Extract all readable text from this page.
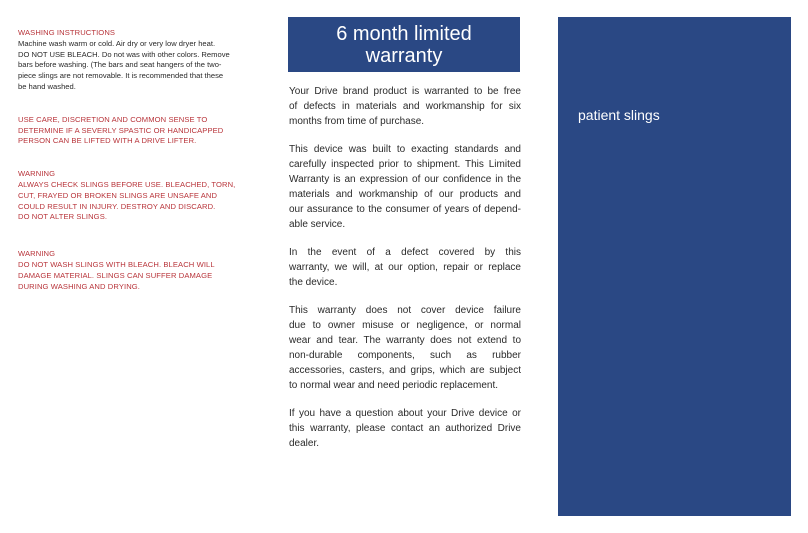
WASHING INSTRUCTIONS
Machine wash warm or cold. Air dry or very low dryer heat.
DO NOT USE BLEACH. Do not was with other colors. Remove
bars before washing. (The bars and seat hangers of the two-
piece slings are not removable. It is recommended that these
be hand washed.
USE CARE, DISCRETION AND COMMON SENSE TO
DETERMINE IF A SEVERLY SPASTIC OR HANDICAPPED
PERSON CAN BE LIFTED WITH A DRIVE LIFTER.
WARNING
ALWAYS CHECK SLINGS BEFORE USE. BLEACHED, TORN,
CUT, FRAYED OR BROKEN SLINGS ARE UNSAFE AND
COULD RESULT IN INJURY. DESTROY AND DISCARD.
DO NOT ALTER SLINGS.
WARNING
DO NOT WASH SLINGS WITH BLEACH. BLEACH WILL
DAMAGE MATERIAL. SLINGS CAN SUFFER DAMAGE
DURING WASHING AND DRYING.
6 month limited
warranty
Your Drive brand product is warranted to be free
of defects in materials and workmanship for six
months from time of purchase.
This device was built to exacting standards and
carefully inspected prior to shipment. This Limited
Warranty is an expression of our confidence in the
materials and workmanship of our products and
our assurance to the consumer of years of depend-
able service.
In the event of a defect covered by this
warranty, we will, at our option, repair or replace
the device.
This warranty does not cover device failure
due to owner misuse or negligence, or normal
wear and tear. The warranty does not extend to
non-durable components, such as rubber
accessories, casters, and grips, which are subject
to normal wear and need periodic replacement.
If you have a question about your Drive device or
this warranty, please contact an authorized Drive
dealer.
patient slings
